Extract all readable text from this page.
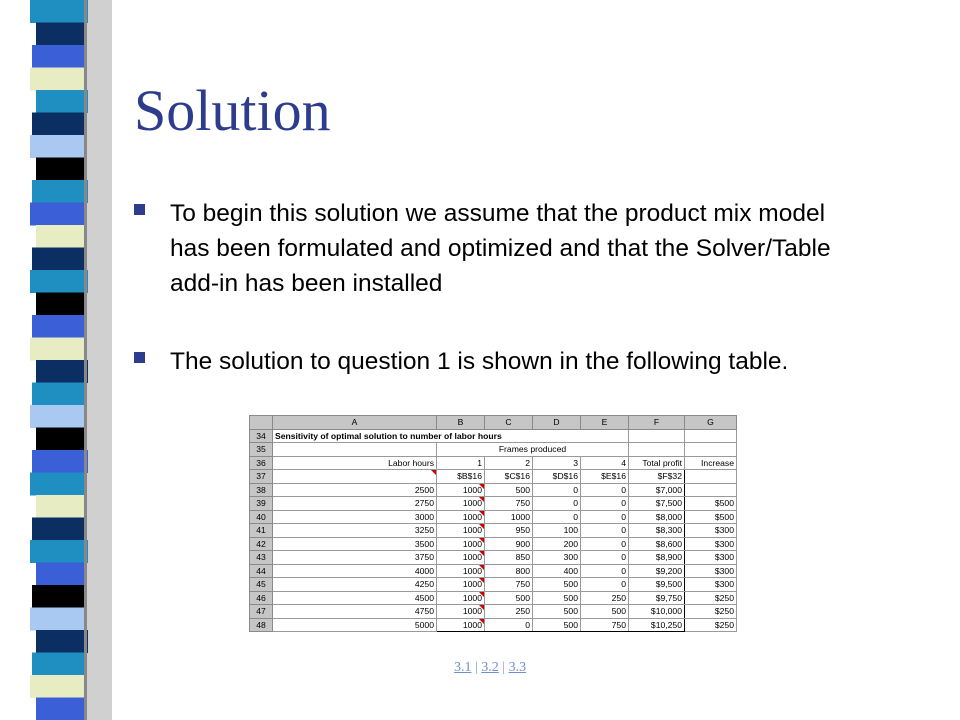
Solution
To begin this solution we assume that the product mix model has been formulated and optimized and that the Solver/Table add-in has been installed
The solution to question 1 is shown in the following table.
	A	B	C	D	E	F	G
34	Sensitivity of optimal solution to number of labor hours						
35		Frames produced					
36	Labor hours	1	2	3	4	Total profit	Increase
37		$B$16	$C$16	$D$16	$E$16	$F$32	
38	2500	1000	500	0	0	$7,000	
39	2750	1000	750	0	0	$7,500	$500
40	3000	1000	1000	0	0	$8,000	$500
41	3250	1000	950	100	0	$8,300	$300
42	3500	1000	900	200	0	$8,600	$300
43	3750	1000	850	300	0	$8,900	$300
44	4000	1000	800	400	0	$9,200	$300
45	4250	1000	750	500	0	$9,500	$300
46	4500	1000	500	500	250	$9,750	$250
47	4750	1000	250	500	500	$10,000	$250
48	5000	1000	0	500	750	$10,250	$250
3.1 | 3.2 | 3.3
